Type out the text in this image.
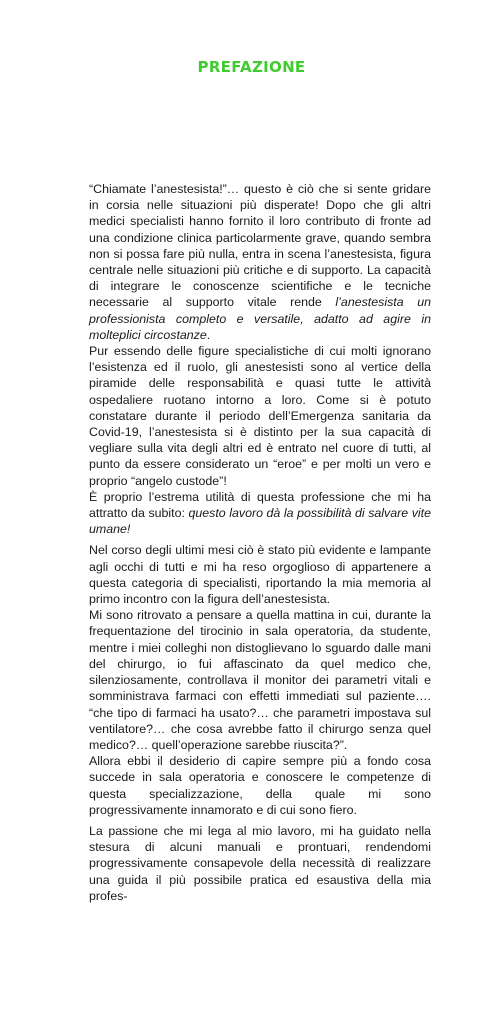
PREFAZIONE

“Chiamate l’anestesista!”… questo è ciò che si sente gridare in corsia nelle situazioni più disperate! Dopo che gli altri medici specialisti hanno fornito il loro contributo di fronte ad una condizione clinica particolarmente grave, quando sembra non si possa fare più nulla, entra in scena l’anestesista, figura centrale nelle situazioni più critiche e di supporto. La capacità di integrare le conoscenze scientifiche e le tecniche necessarie al supporto vitale rende l’anestesista un professionista completo e versatile, adatto ad agire in molteplici circostanze.

Pur essendo delle figure specialistiche di cui molti ignorano l’esistenza ed il ruolo, gli anestesisti sono al vertice della piramide delle responsabilità e quasi tutte le attività ospedaliere ruotano intorno a loro. Come si è potuto constatare durante il periodo dell’Emergenza sanitaria da Covid-19, l’anestesista si è distinto per la sua capacità di vegliare sulla vita degli altri ed è entrato nel cuore di tutti, al punto da essere considerato un “eroe” e per molti un vero e proprio “angelo custode”!

È proprio l’estrema utilità di questa professione che mi ha attratto da subito: questo lavoro dà la possibilità di salvare vite umane!

Nel corso degli ultimi mesi ciò è stato più evidente e lampante agli occhi di tutti e mi ha reso orgoglioso di appartenere a questa categoria di specialisti, riportando la mia memoria al primo incontro con la figura dell’anestesista.

Mi sono ritrovato a pensare a quella mattina in cui, durante la frequentazione del tirocinio in sala operatoria, da studente, mentre i miei colleghi non distoglievano lo sguardo dalle mani del chirurgo, io fui affascinato da quel medico che, silenziosamente, controllava il monitor dei parametri vitali e somministrava farmaci con effetti immediati sul paziente…. “che tipo di farmaci ha usato?… che parametri impostava sul ventilatore?… che cosa avrebbe fatto il chirurgo senza quel medico?… quell’operazione sarebbe riuscita?”.

Allora ebbi il desiderio di capire sempre più a fondo cosa succede in sala operatoria e conoscere le competenze di questa specializzazione, della quale mi sono progressivamente innamorato e di cui sono fiero.

La passione che mi lega al mio lavoro, mi ha guidato nella stesura di alcuni manuali e prontuari, rendendomi progressivamente consapevole della necessità di realizzare una guida il più possibile pratica ed esaustiva della mia profes-
